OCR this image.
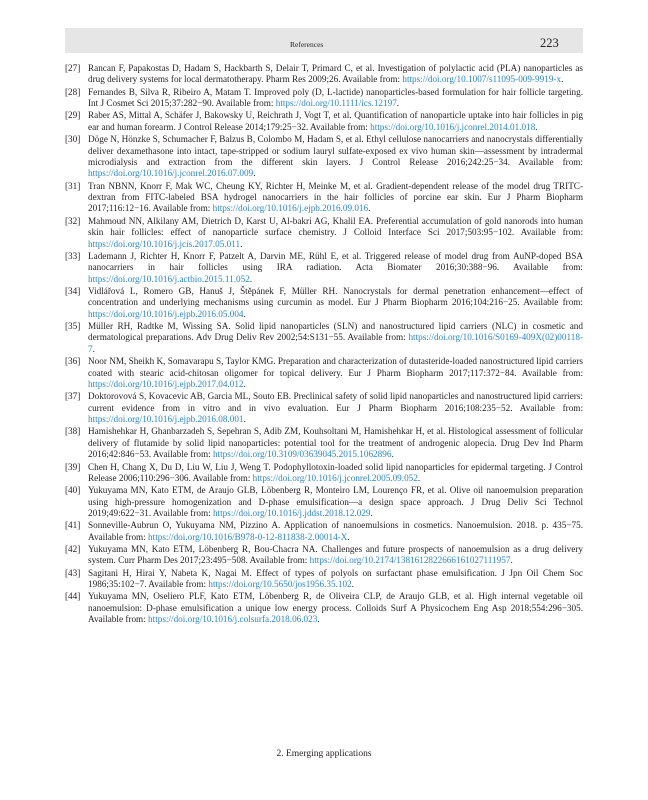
References	223
[27] Rancan F, Papakostas D, Hadam S, Hackbarth S, Delair T, Primard C, et al. Investigation of polylactic acid (PLA) nanoparticles as drug delivery systems for local dermatotherapy. Pharm Res 2009;26. Available from: https://doi.org/10.1007/s11095-009-9919-x.
[28] Fernandes B, Silva R, Ribeiro A, Matam T. Improved poly (D, L-lactide) nanoparticles-based formulation for hair follicle targeting. Int J Cosmet Sci 2015;37:282−90. Available from: https://doi.org/10.1111/ics.12197.
[29] Raber AS, Mittal A, Schäfer J, Bakowsky U, Reichrath J, Vogt T, et al. Quantification of nanoparticle uptake into hair follicles in pig ear and human forearm. J Control Release 2014;179:25−32. Available from: https://doi.org/10.1016/j.jconrel.2014.01.018.
[30] Döge N, Hönzke S, Schumacher F, Balzus B, Colombo M, Hadam S, et al. Ethyl cellulose nanocarriers and nanocrystals differentially deliver dexamethasone into intact, tape-stripped or sodium lauryl sulfate-exposed ex vivo human skin—assessment by intradermal microdialysis and extraction from the different skin layers. J Control Release 2016;242:25−34. Available from: https://doi.org/10.1016/j.jconrel.2016.07.009.
[31] Tran NBNN, Knorr F, Mak WC, Cheung KY, Richter H, Meinke M, et al. Gradient-dependent release of the model drug TRITC-dextran from FITC-labeled BSA hydrogel nanocarriers in the hair follicles of porcine ear skin. Eur J Pharm Biopharm 2017;116:12−16. Available from: https://doi.org/10.1016/j.ejpb.2016.09.016.
[32] Mahmoud NN, Alkilany AM, Dietrich D, Karst U, Al-bakri AG, Khalil EA. Preferential accumulation of gold nanorods into human skin hair follicles: effect of nanoparticle surface chemistry. J Colloid Interface Sci 2017;503:95−102. Available from: https://doi.org/10.1016/j.jcis.2017.05.011.
[33] Lademann J, Richter H, Knorr F, Patzelt A, Darvin ME, Rühl E, et al. Triggered release of model drug from AuNP-doped BSA nanocarriers in hair follicles using IRA radiation. Acta Biomater 2016;30:388−96. Available from: https://doi.org/10.1016/j.actbio.2015.11.052.
[34] Vidlářová L, Romero GB, Hanuš J, Štěpánek F, Müller RH. Nanocrystals for dermal penetration enhancement—effect of concentration and underlying mechanisms using curcumin as model. Eur J Pharm Biopharm 2016;104:216−25. Available from: https://doi.org/10.1016/j.ejpb.2016.05.004.
[35] Müller RH, Radtke M, Wissing SA. Solid lipid nanoparticles (SLN) and nanostructured lipid carriers (NLC) in cosmetic and dermatological preparations. Adv Drug Deliv Rev 2002;54:S131−55. Available from: https://doi.org/10.1016/S0169-409X(02)00118-7.
[36] Noor NM, Sheikh K, Somavarapu S, Taylor KMG. Preparation and characterization of dutasteride-loaded nanostructured lipid carriers coated with stearic acid-chitosan oligomer for topical delivery. Eur J Pharm Biopharm 2017;117:372−84. Available from: https://doi.org/10.1016/j.ejpb.2017.04.012.
[37] Doktorovová S, Kovacevic AB, Garcia ML, Souto EB. Preclinical safety of solid lipid nanoparticles and nanostructured lipid carriers: current evidence from in vitro and in vivo evaluation. Eur J Pharm Biopharm 2016;108:235−52. Available from: https://doi.org/10.1016/j.ejpb.2016.08.001.
[38] Hamishehkar H, Ghanbarzadeh S, Sepehran S, Adib ZM, Kouhsoltani M, Hamishehkar H, et al. Histological assessment of follicular delivery of flutamide by solid lipid nanoparticles: potential tool for the treatment of androgenic alopecia. Drug Dev Ind Pharm 2016;42:846−53. Available from: https://doi.org/10.3109/03639045.2015.1062896.
[39] Chen H, Chang X, Du D, Liu W, Liu J, Weng T. Podophyllotoxin-loaded solid lipid nanoparticles for epidermal targeting. J Control Release 2006;110:296−306. Available from: https://doi.org/10.1016/j.jconrel.2005.09.052.
[40] Yukuyama MN, Kato ETM, de Araujo GLB, Löbenberg R, Monteiro LM, Lourenço FR, et al. Olive oil nanoemulsion preparation using high-pressure homogenization and D-phase emulsification—a design space approach. J Drug Deliv Sci Technol 2019;49:622−31. Available from: https://doi.org/10.1016/j.jddst.2018.12.029.
[41] Sonneville-Aubrun O, Yukuyama NM, Pizzino A. Application of nanoemulsions in cosmetics. Nanoemulsion. 2018. p. 435−75. Available from: https://doi.org/10.1016/B978-0-12-811838-2.00014-X.
[42] Yukuyama MN, Kato ETM, Löbenberg R, Bou-Chacra NA. Challenges and future prospects of nanoemulsion as a drug delivery system. Curr Pharm Des 2017;23:495−508. Available from: https://doi.org/10.2174/1381612822666161027111957.
[43] Sagitani H, Hirai Y, Nabeta K, Nagai M. Effect of types of polyols on surfactant phase emulsification. J Jpn Oil Chem Soc 1986;35:102−7. Available from: https://doi.org/10.5650/jos1956.35.102.
[44] Yukuyama MN, Oseliero PLF, Kato ETM, Löbenberg R, de Oliveira CLP, de Araujo GLB, et al. High internal vegetable oil nanoemulsion: D-phase emulsification a unique low energy process. Colloids Surf A Physicochem Eng Asp 2018;554:296−305. Available from: https://doi.org/10.1016/j.colsurfa.2018.06.023.
2. Emerging applications
